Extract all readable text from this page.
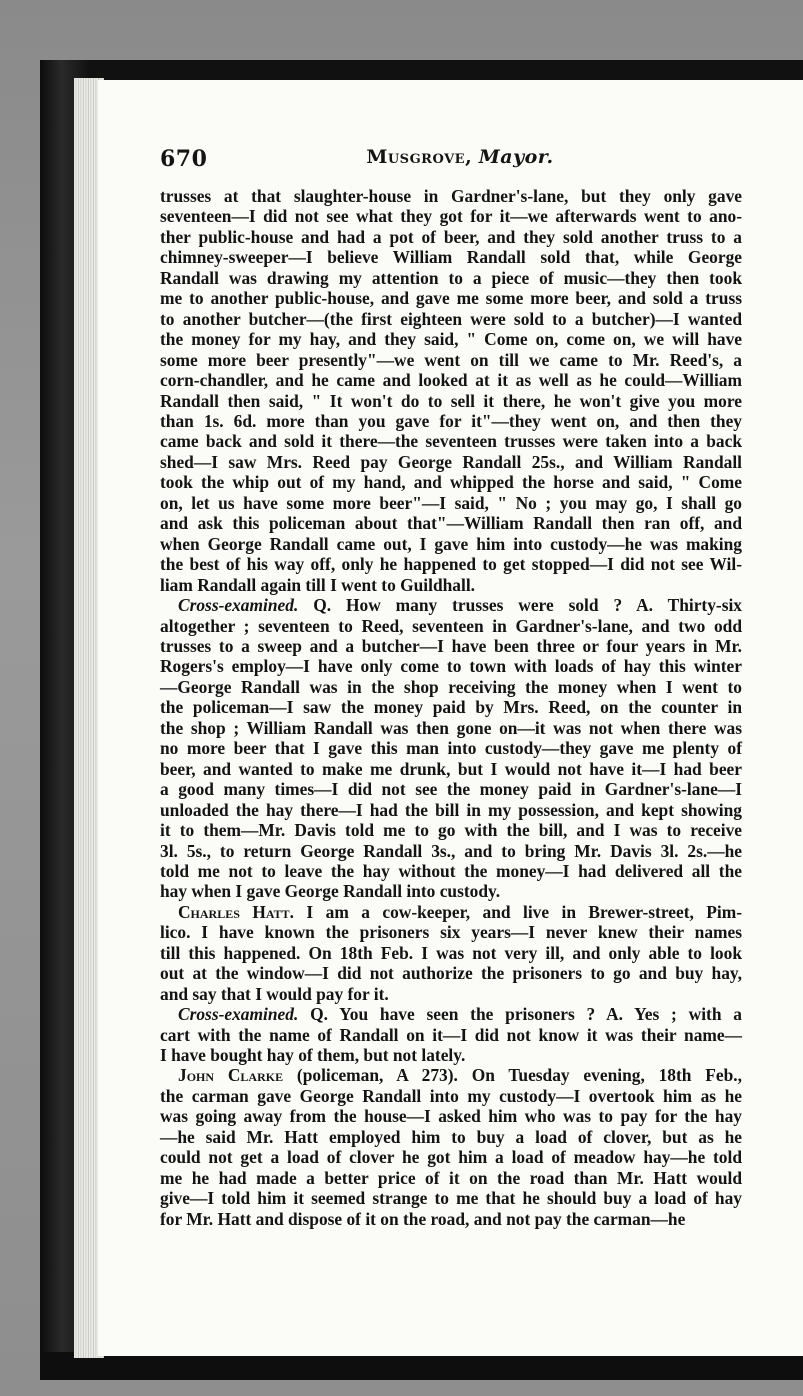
670	Musgrove, Mayor.
trusses at that slaughter-house in Gardner's-lane, but they only gave
seventeen—I did not see what they got for it—we afterwards went to ano-
ther public-house and had a pot of beer, and they sold another truss to a
chimney-sweeper—I believe William Randall sold that, while George
Randall was drawing my attention to a piece of music—they then took
me to another public-house, and gave me some more beer, and sold a truss
to another butcher—(the first eighteen were sold to a butcher)—I wanted
the money for my hay, and they said, " Come on, come on, we will have
some more beer presently"—we went on till we came to Mr. Reed's, a
corn-chandler, and he came and looked at it as well as he could—William
Randall then said, " It won't do to sell it there, he won't give you more
than 1s. 6d. more than you gave for it"—they went on, and then they
came back and sold it there—the seventeen trusses were taken into a back
shed—I saw Mrs. Reed pay George Randall 25s., and William Randall
took the whip out of my hand, and whipped the horse and said, " Come
on, let us have some more beer"—I said, " No ; you may go, I shall go
and ask this policeman about that"—William Randall then ran off, and
when George Randall came out, I gave him into custody—he was making
the best of his way off, only he happened to get stopped—I did not see Wil-
liam Randall again till I went to Guildhall.
Cross-examined. Q. How many trusses were sold ? A. Thirty-six
altogether ; seventeen to Reed, seventeen in Gardner's-lane, and two odd
trusses to a sweep and a butcher—I have been three or four years in Mr.
Rogers's employ—I have only come to town with loads of hay this winter
—George Randall was in the shop receiving the money when I went to
the policeman—I saw the money paid by Mrs. Reed, on the counter in
the shop ; William Randall was then gone on—it was not when there was
no more beer that I gave this man into custody—they gave me plenty of
beer, and wanted to make me drunk, but I would not have it—I had beer
a good many times—I did not see the money paid in Gardner's-lane—I
unloaded the hay there—I had the bill in my possession, and kept showing
it to them—Mr. Davis told me to go with the bill, and I was to receive
3l. 5s., to return George Randall 3s., and to bring Mr. Davis 3l. 2s.—he
told me not to leave the hay without the money—I had delivered all the
hay when I gave George Randall into custody.
Charles Hatt. I am a cow-keeper, and live in Brewer-street, Pim-
lico. I have known the prisoners six years—I never knew their names
till this happened. On 18th Feb. I was not very ill, and only able to look
out at the window—I did not authorize the prisoners to go and buy hay,
and say that I would pay for it.
Cross-examined. Q. You have seen the prisoners ? A. Yes ; with a
cart with the name of Randall on it—I did not know it was their name—
I have bought hay of them, but not lately.
John Clarke (policeman, A 273). On Tuesday evening, 18th Feb.,
the carman gave George Randall into my custody—I overtook him as he
was going away from the house—I asked him who was to pay for the hay
—he said Mr. Hatt employed him to buy a load of clover, but as he
could not get a load of clover he got him a load of meadow hay—he told
me he had made a better price of it on the road than Mr. Hatt would
give—I told him it seemed strange to me that he should buy a load of hay
for Mr. Hatt and dispose of it on the road, and not pay the carman—he
